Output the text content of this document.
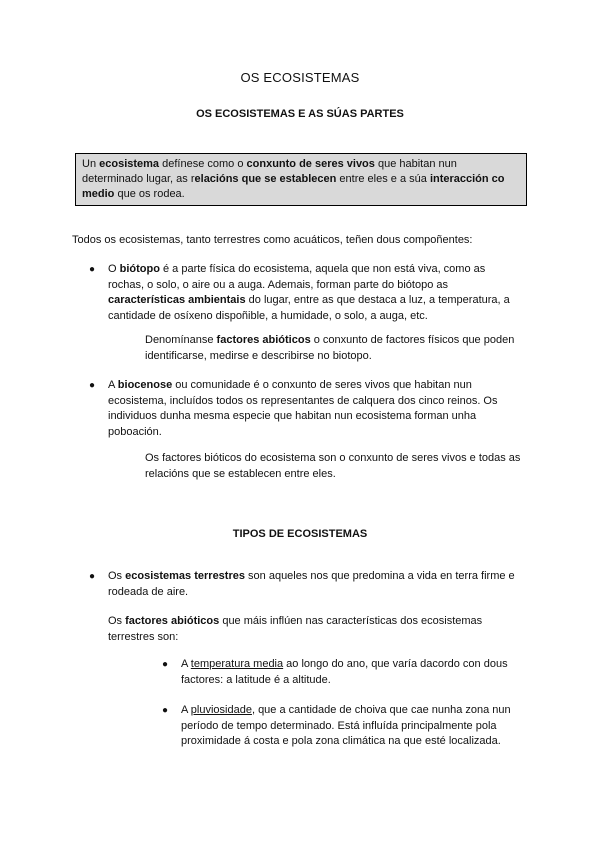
OS ECOSISTEMAS
OS ECOSISTEMAS E AS SÚAS PARTES
Un ecosistema defínese como o conxunto de seres vivos que habitan nun determinado lugar, as relacións que se establecen entre eles e a súa interacción co medio que os rodea.

Todos os ecosistemas, tanto terrestres como acuáticos, teñen dous compoñentes:

● O biótopo é a parte física do ecosistema, aquela que non está viva, como as rochas, o solo, o aire ou a auga. Ademais, forman parte do biótopo as características ambientais do lugar, entre as que destaca a luz, a temperatura, a cantidade de osíxeno dispoñible, a humidade, o solo, a auga, etc.

Denomínanse factores abióticos o conxunto de factores físicos que poden identificarse, medirse e describirse no biotopo.

● A biocenose ou comunidade é o conxunto de seres vivos que habitan nun ecosistema, incluídos todos os representantes de calquera dos cinco reinos. Os individuos dunha mesma especie que habitan nun ecosistema forman unha poboación.

Os factores bióticos do ecosistema son o conxunto de seres vivos e todas as relacións que se establecen entre eles.

TIPOS DE ECOSISTEMAS
● Os ecosistemas terrestres son aqueles nos que predomina a vida en terra firme e rodeada de aire.

Os factores abióticos que máis inflúen nas características dos ecosistemas terrestres son:

● A temperatura media ao longo do ano, que varía dacordo con dous factores: a latitude é a altitude.

● A pluviosidade, que a cantidade de choiva que cae nunha zona nun período de tempo determinado. Está influída principalmente pola proximidade á costa e pola zona climática na que esté localizada.
